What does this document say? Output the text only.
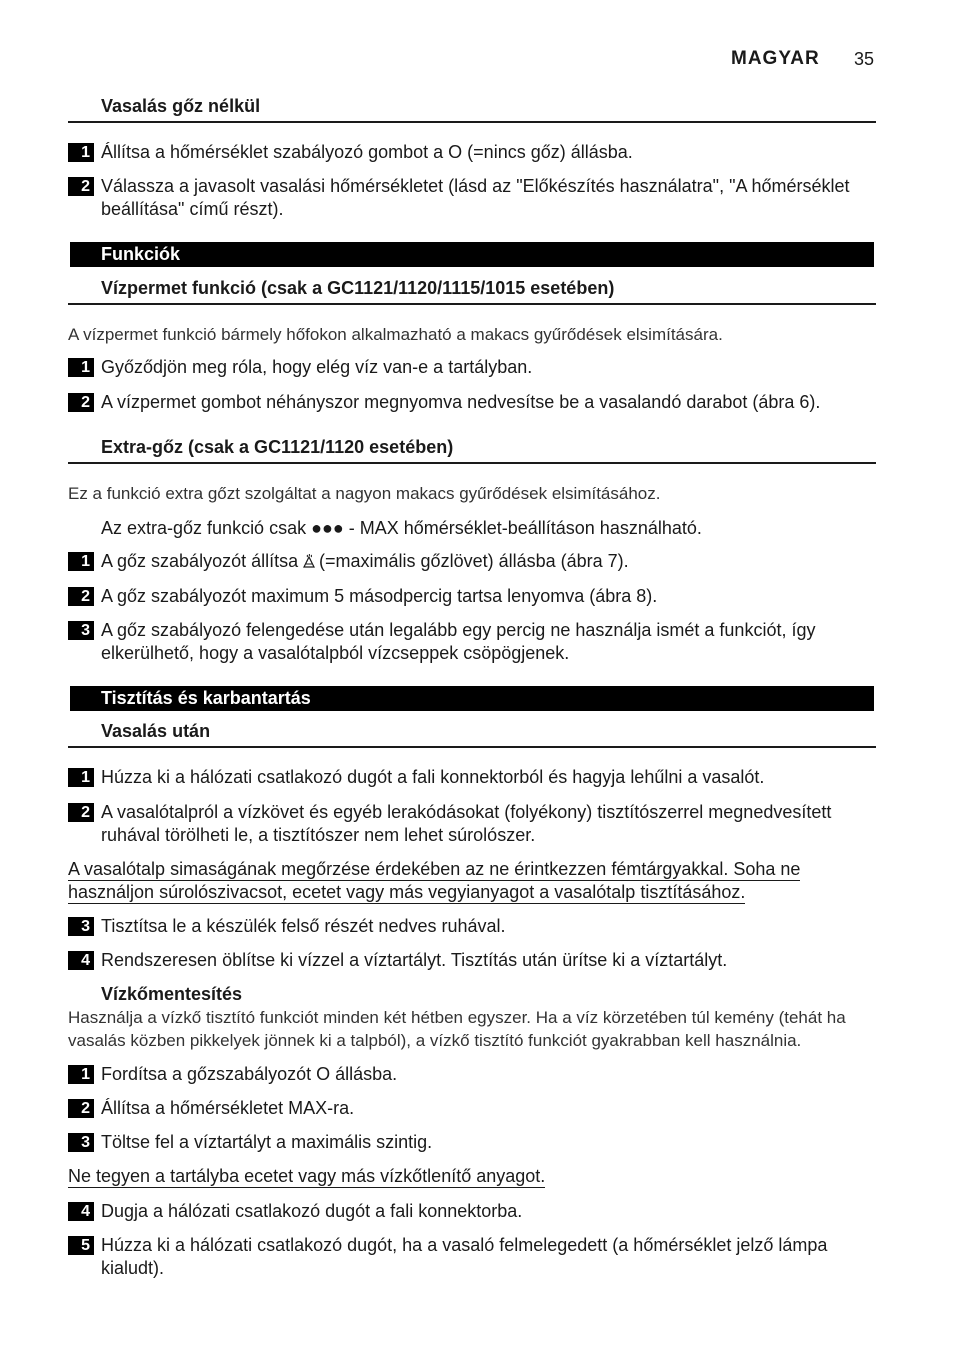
MAGYAR 35
Vasalás gőz nélkül
1 Állítsa a hőmérséklet szabályozó gombot a O (=nincs gőz) állásba.
2 Válassza a javasolt vasalási hőmérsékletet (lásd az "Előkészítés használatra", "A hőmérséklet beállítása" című részt).
Funkciók
Vízpermet funkció (csak a GC1121/1120/1115/1015 esetében)
A vízpermet funkció bármely hőfokon alkalmazható a makacs gyűrődések elsimítására.
1 Győződjön meg róla, hogy elég víz van-e a tartályban.
2 A vízpermet gombot néhányszor megnyomva nedvesítse be a vasalandó darabot (ábra 6).
Extra-gőz (csak a GC1121/1120 esetében)
Ez a funkció extra gőzt szolgáltat a nagyon makacs gyűrődések elsimításához.
Az extra-gőz funkció csak ●●● - MAX hőmérséklet-beállításon használható.
1 A gőz szabályozót állítsa (=maximális gőzlövet) állásba (ábra 7).
2 A gőz szabályozót maximum 5 másodpercig tartsa lenyomva (ábra 8).
3 A gőz szabályozó felengedése után legalább egy percig ne használja ismét a funkciót, így elkerülhető, hogy a vasalótalpból vízcseppek csöpögjenek.
Tisztítás és karbantartás
Vasalás után
1 Húzza ki a hálózati csatlakozó dugót a fali konnektorból és hagyja lehűlni a vasalót.
2 A vasalótalpról a vízkövet és egyéb lerakódásokat (folyékony) tisztítószerrel megnedvesített ruhával törölheti le, a tisztítószer nem lehet súrolószer.
A vasalótalp simaságának megőrzése érdekében az ne érintkezzen fémtárgyakkal. Soha ne
használjon súrolószivacsot, ecetet vagy más vegyianyagot a vasalótalp tisztításához.
3 Tisztítsa le a készülék felső részét nedves ruhával.
4 Rendszeresen öblítse ki vízzel a víztartályt. Tisztítás után ürítse ki a víztartályt.
Vízkőmentesítés
Használja a vízkő tisztító funkciót minden két hétben egyszer. Ha a víz körzetében túl kemény (tehát ha vasalás közben pikkelyek jönnek ki a talpból), a vízkő tisztító funkciót gyakrabban kell használnia.
1 Fordítsa a gőzszabályozót O állásba.
2 Állítsa a hőmérsékletet MAX-ra.
3 Töltse fel a víztartályt a maximális szintig.
Ne tegyen a tartályba ecetet vagy más vízkőtlenítő anyagot.
4 Dugja a hálózati csatlakozó dugót a fali konnektorba.
5 Húzza ki a hálózati csatlakozó dugót, ha a vasaló felmelegedett (a hőmérséklet jelző lámpa kialudt).
